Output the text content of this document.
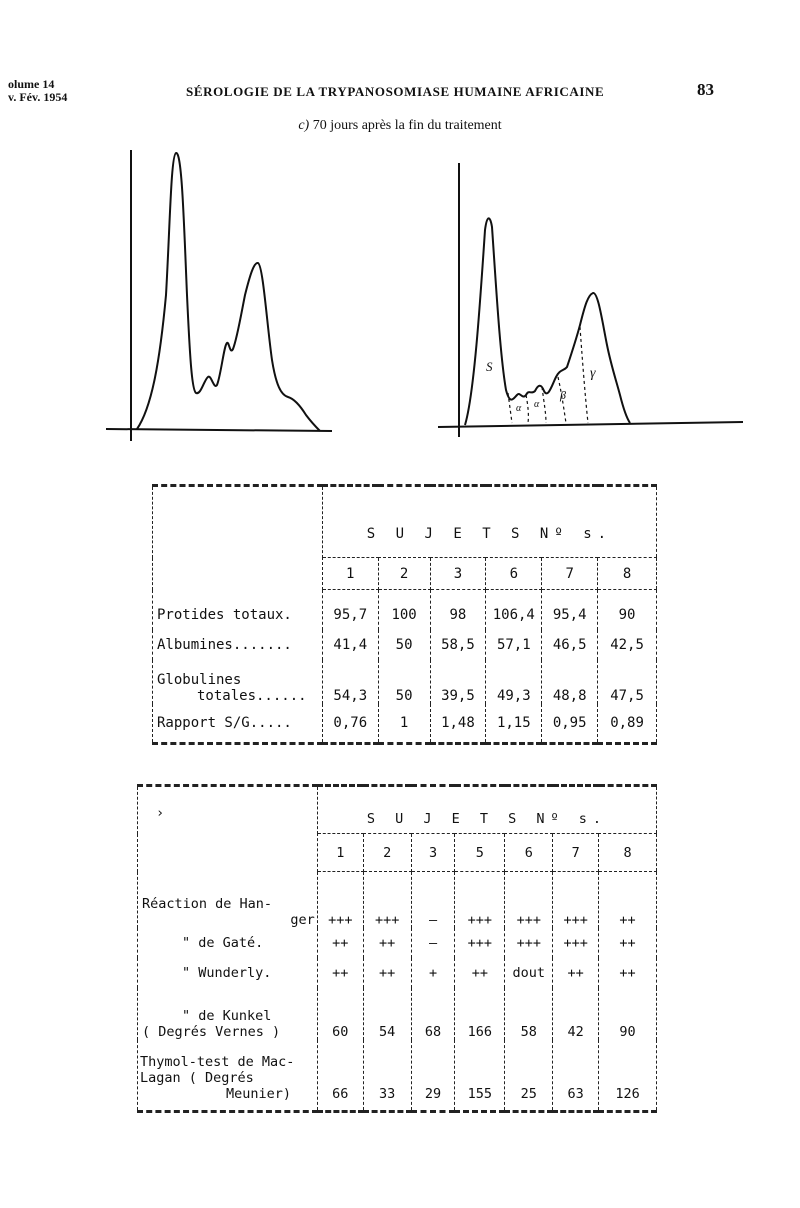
olume 14
v. Fév. 1954	SÉROLOGIE DE LA TRYPANOSOMIASE HUMAINE AFRICAINE	83
c) 70 jours après la fin du traitement
S
α α
β
γ
	S U J E T S Nº s.					
	1	2	3	6	7	8
Protides totaux.	95,7	100	98	106,4	95,4	90
Albumines.......	41,4	50	58,5	57,1	46,5	42,5

Globulines
totales......	54,3	50	39,5	49,3	48,8	47,5
Rapport S/G.....	0,76	1	1,48	1,15	0,95	0,89
›	S U J E T S Nº s.						
	1	2	3	5	6	7	8

Réaction de Han-
ger	+++	+++	–	+++	+++	+++	++
" de Gaté.	++	++	–	+++	+++	+++	++
" Wunderly.	++	++	+	++	dout	++	++

" de Kunkel
( Degrés Vernes )	60	54	68	166	58	42	90

Thymol-test de Mac-
Lagan ( Degrés
Meunier)	66	33	29	155	25	63	126
